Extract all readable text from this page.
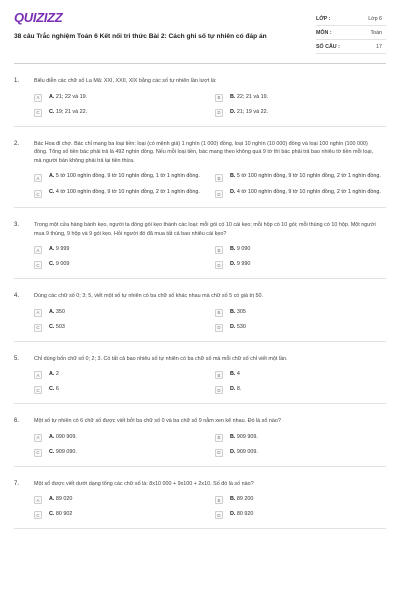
QUIZIZZ
38 câu Trắc nghiệm Toán 6 Kết nối tri thức Bài 2: Cách ghi số tự nhiên có đáp án
LỚP :	Lớp 6
MÔN :	Toán
SỐ CÂU :	17
1.	Biểu diễn các chữ số La Mã: XXI, XXII, XIX bằng các số tự nhiên lần lượt là:
A	A. 21; 22 và 19.	B	B. 22; 21 và 19.
C	C. 19; 21 và 22.	D	D. 21; 19 và 22.
2.	Bác Hoa đi chợ. Bác chỉ mang ba loại tiền: loại (có mệnh giá) 1 nghìn (1 000) đồng, loại 10 nghìn (10 000) đồng và loại 100 nghìn (100 000) đồng. Tổng số tiền bác phải trả là 492 nghìn đồng. Nếu mỗi loại tiền, bác mang theo không quá 9 tờ thì bác phải trả bao nhiêu tờ tiền mỗi loại, mà người bán không phải trả lại tiền thừa.
A	A. 5 tờ 100 nghìn đồng, 9 tờ 10 nghìn đồng, 1 tờ 1 nghìn đồng.	B	B. 5 tờ 100 nghìn đồng, 9 tờ 10 nghìn đồng, 2 tờ 1 nghìn đồng.
C	C. 4 tờ 100 nghìn đồng, 9 tờ 10 nghìn đồng, 2 tờ 1 nghìn đồng.	D	D. 4 tờ 100 nghìn đồng, 9 tờ 10 nghìn đồng, 2 tờ 1 nghìn đồng.
3.	Trong một cửa hàng bánh kẹo, người ta đóng gói kẹo thành các loại: mỗi gói có 10 cái kẹo; mỗi hộp có 10 gói; mỗi thùng có 10 hộp. Một người mua 9 thùng, 9 hộp và 9 gói kẹo. Hỏi người đó đã mua tất cả bao nhiêu cái kẹo?
A	A. 9 999	B	B. 9 090
C	C. 9 009	D	D. 9 990
4.	Dùng các chữ số 0; 3; 5, viết một số tự nhiên có ba chữ số khác nhau mà chữ số 5 có giá trị 50.
A	A. 350	B	B. 305
C	C. 503	D	D. 530
5.	Chỉ dùng bốn chữ số 0; 2; 3. Có tất cả bao nhiêu số tự nhiên có ba chữ số mà mỗi chữ số chỉ viết một lần.
A	A. 2	B	B. 4
C	C. 6	D	D. 8.
6.	Một số tự nhiên có 6 chữ số được viết bởi ba chữ số 0 và ba chữ số 9 nằm xen kẽ nhau. Đó là số nào?
A	A. 090 909.	B	B. 909 909.
C	C. 909 090.	D	D. 909 009.
7.	Một số được viết dưới dạng tổng các chữ số là: 8x10 000 + 9x100 + 2x10. Số đó là số nào?
A	A. 89 020	B	B. 89 200
C	C. 80 902	D	D. 80 920
